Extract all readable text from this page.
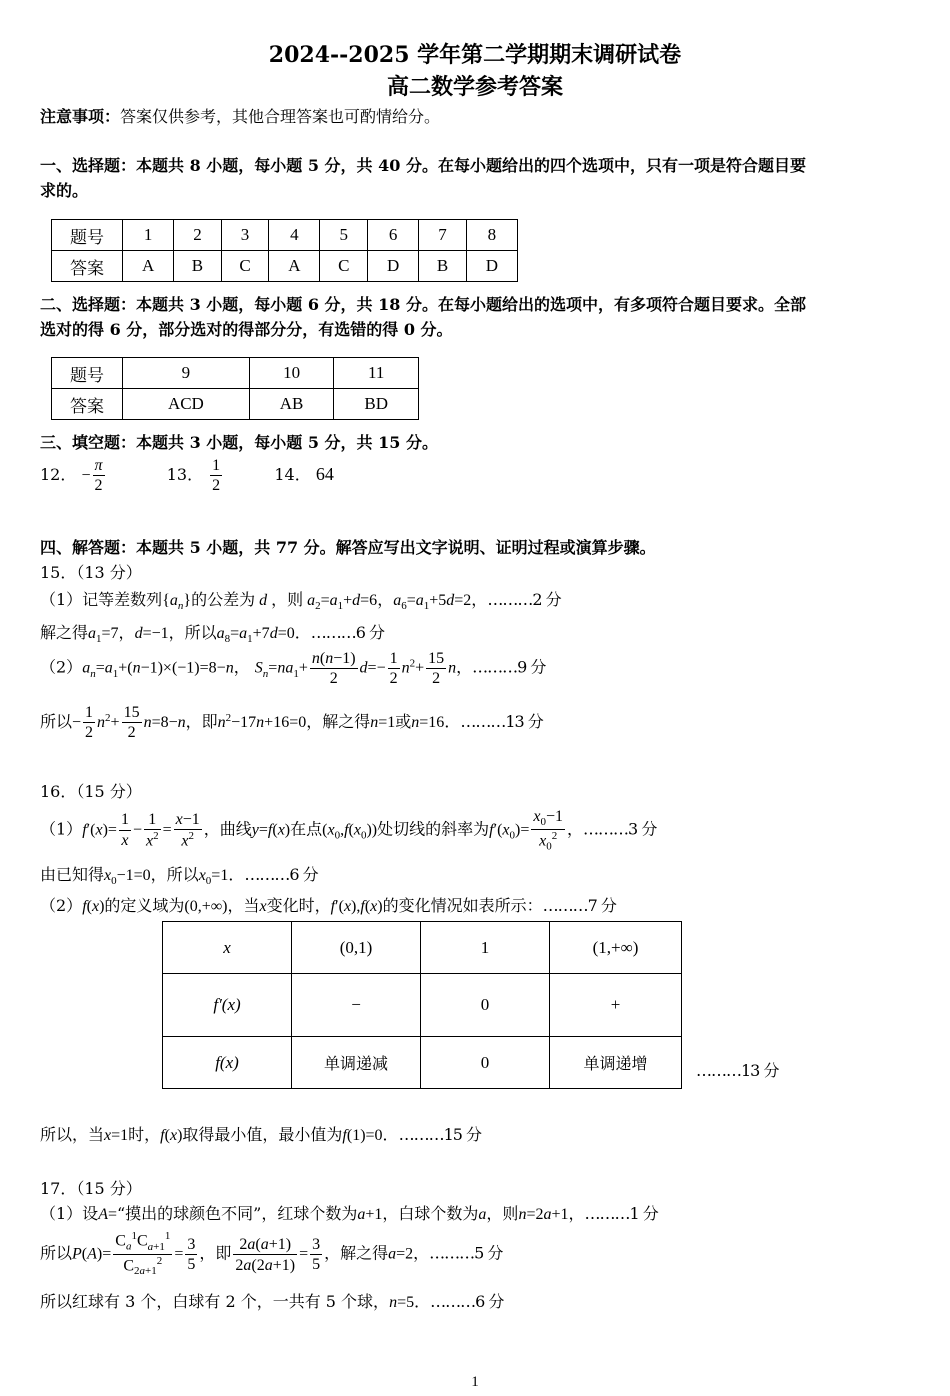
2024--2025 学年第二学期期末调研试卷
高二数学参考答案
注意事项：答案仅供参考，其他合理答案也可酌情给分。
一、选择题：本题共 8 小题，每小题 5 分，共 40 分。在每小题给出的四个选项中，只有一项是符合题目要
求的。
题号	1	2	3	4	5	6	7	8
答案	A	B	C	A	C	D	B	D
二、选择题：本题共 3 小题，每小题 6 分，共 18 分。在每小题给出的选项中，有多项符合题目要求。全部
选对的得 6 分，部分选对的得部分分，有选错的得 0 分。
题号	9	10	11
答案	ACD	AB	BD
三、填空题：本题共 3 小题，每小题 5 分，共 15 分。
12． − $\frac{\pi}{2}$	13． $\frac{1}{2}$	14． 64
四、解答题：本题共 5 小题，共 77 分。解答应写出文字说明、证明过程或演算步骤。
15．（13 分）
（1）记等差数列$\{a_n\}$的公差为 d ，则 $a_2=a_1+d=6$，$a_6=a_1+5d=2$，………2 分
解之得$a_1=7$，d=−1，所以$a_8=a_1+7d=0$．………6 分
$(2)a_n=a_1+(n-1)\times(-1)=8-n$， $S_n=na_1+ \frac{n(n-1)}{2} d=- \frac{1}{2} n^2+ \frac{15}{2}$ n，………9 分
所以− $\frac{1}{2} n^2+ \frac{15}{2} n=8-n$，即$n^2-17n+16=0$，解之得n=1或n=16．………13 分
16．（15 分）
$(1)f'(x)= \frac{1}{x} - \frac{1}{x^2} = \frac{x-1}{x^2}$ ，曲线y=f(x)在点$(x_0,f(x_0))$处切线的斜率为$f'(x_0)= \frac{x_0-1}{x_0^2}$ ，………3 分
由已知得$x_0-1=0$，所以$x_0=1$．………6 分
（2）f(x)的定义域为(0,+∞)，当x变化时，f′(x),f(x)的变化情况如表所示：………7 分
x	(0,1)	1	(1,+∞)
f′(x)	−	0	+
f(x)	单调递减	0	单调递增	………13 分
所以，当x=1时，f(x)取得最小值，最小值为f(1)=0．………15 分
17．（15 分）
（1）设A=“摸出的球颜色不同”，红球个数为a+1，白球个数为a，则n=2a+1，………1 分
所以$P(A)= \frac{C_a^1C_{a+1}^1}{C_{2a+1}^2} = \frac{3}{5}$ ，即 $\frac{2a(a+1)}{2a(2a+1)} = \frac{3}{5}$ ，解之得a=2，………5 分
所以红球有 3 个，白球有 2 个，一共有 5 个球，n=5．………6 分
1
